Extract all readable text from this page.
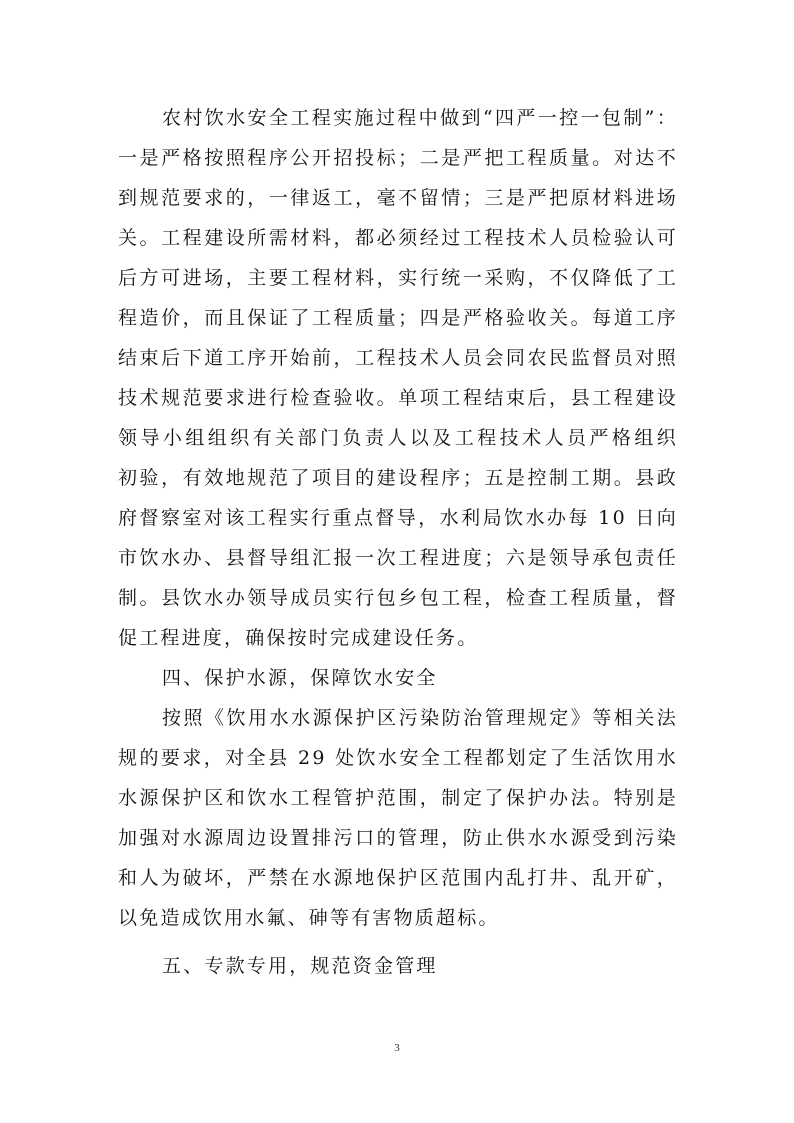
农村饮水安全工程实施过程中做到“四严一控一包制”：
一是严格按照程序公开招投标；二是严把工程质量。对达不
到规范要求的，一律返工，毫不留情；三是严把原材料进场
关。工程建设所需材料，都必须经过工程技术人员检验认可
后方可进场，主要工程材料，实行统一采购，不仅降低了工
程造价，而且保证了工程质量；四是严格验收关。每道工序
结束后下道工序开始前，工程技术人员会同农民监督员对照
技术规范要求进行检查验收。单项工程结束后，县工程建设
领导小组组织有关部门负责人以及工程技术人员严格组织
初验，有效地规范了项目的建设程序；五是控制工期。县政
府督察室对该工程实行重点督导，水利局饮水办每 10 日向
市饮水办、县督导组汇报一次工程进度；六是领导承包责任
制。县饮水办领导成员实行包乡包工程，检查工程质量，督
促工程进度，确保按时完成建设任务。
四、保护水源，保障饮水安全
按照《饮用水水源保护区污染防治管理规定》等相关法
规的要求，对全县 29 处饮水安全工程都划定了生活饮用水
水源保护区和饮水工程管护范围，制定了保护办法。特别是
加强对水源周边设置排污口的管理，防止供水水源受到污染
和人为破坏，严禁在水源地保护区范围内乱打井、乱开矿，
以免造成饮用水氟、砷等有害物质超标。
五、专款专用，规范资金管理
3
